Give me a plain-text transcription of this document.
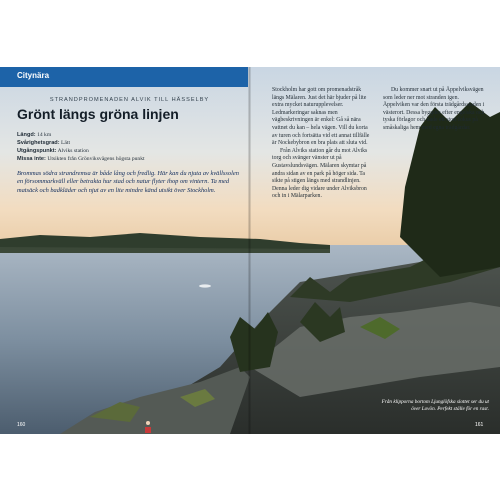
Citynära
STRANDPROMENADEN ALVIK TILL HÄSSELBY
Grönt längs gröna linjen
Längd: 14 km
Svårighetsgrad: Lätt
Utgångspunkt: Alviks station
Missa inte: Utsikten från Grönviksvägens högsta punkt
Brommas södra strandremsa är både lång och fredlig. Här kan du njuta av kvällssolen en försommarkväll eller betrakta hur stad och natur flyter ihop om vintern. Ta med matsäck och badkläder och njut av en lite mindre känd utsikt över Stockholm.

Stockholm har gott om promenadstråk längs Mälaren. Just det här bjuder på lite extra mycket naturupplevelser. Ledmarkeringar saknas men vägbeskrivningen är enkel: Gå så nära vattnet du kan – hela vägen. Vill du korta av turen och fortsätta vid ett annat tillfälle är Nockebybron en bra plats att sluta vid.

Från Alviks station går du mot Alviks torg och svänger vänster ut på Gustavslundsvägen. Mälaren skymtar på andra sidan av en park på höger sida. Ta sikte på stigen längs med strandlinjen. Denna leder dig vidare under Alviksbron och in i Mälarparken.

Du kommer snart ut på Äppelviksvägen som leder ner mot stranden igen. Äppelviken var den första trädgårdsstaden i västerort. Dessa byggdes efter engelska och tyska förlagor och hade ett stort fokus på småskaliga hem med egna trädgårdar.

Från klipporna bortom Ljunglöfska slottet ser du ut över Lovön. Perfekt ställe för en rast.
160	161
